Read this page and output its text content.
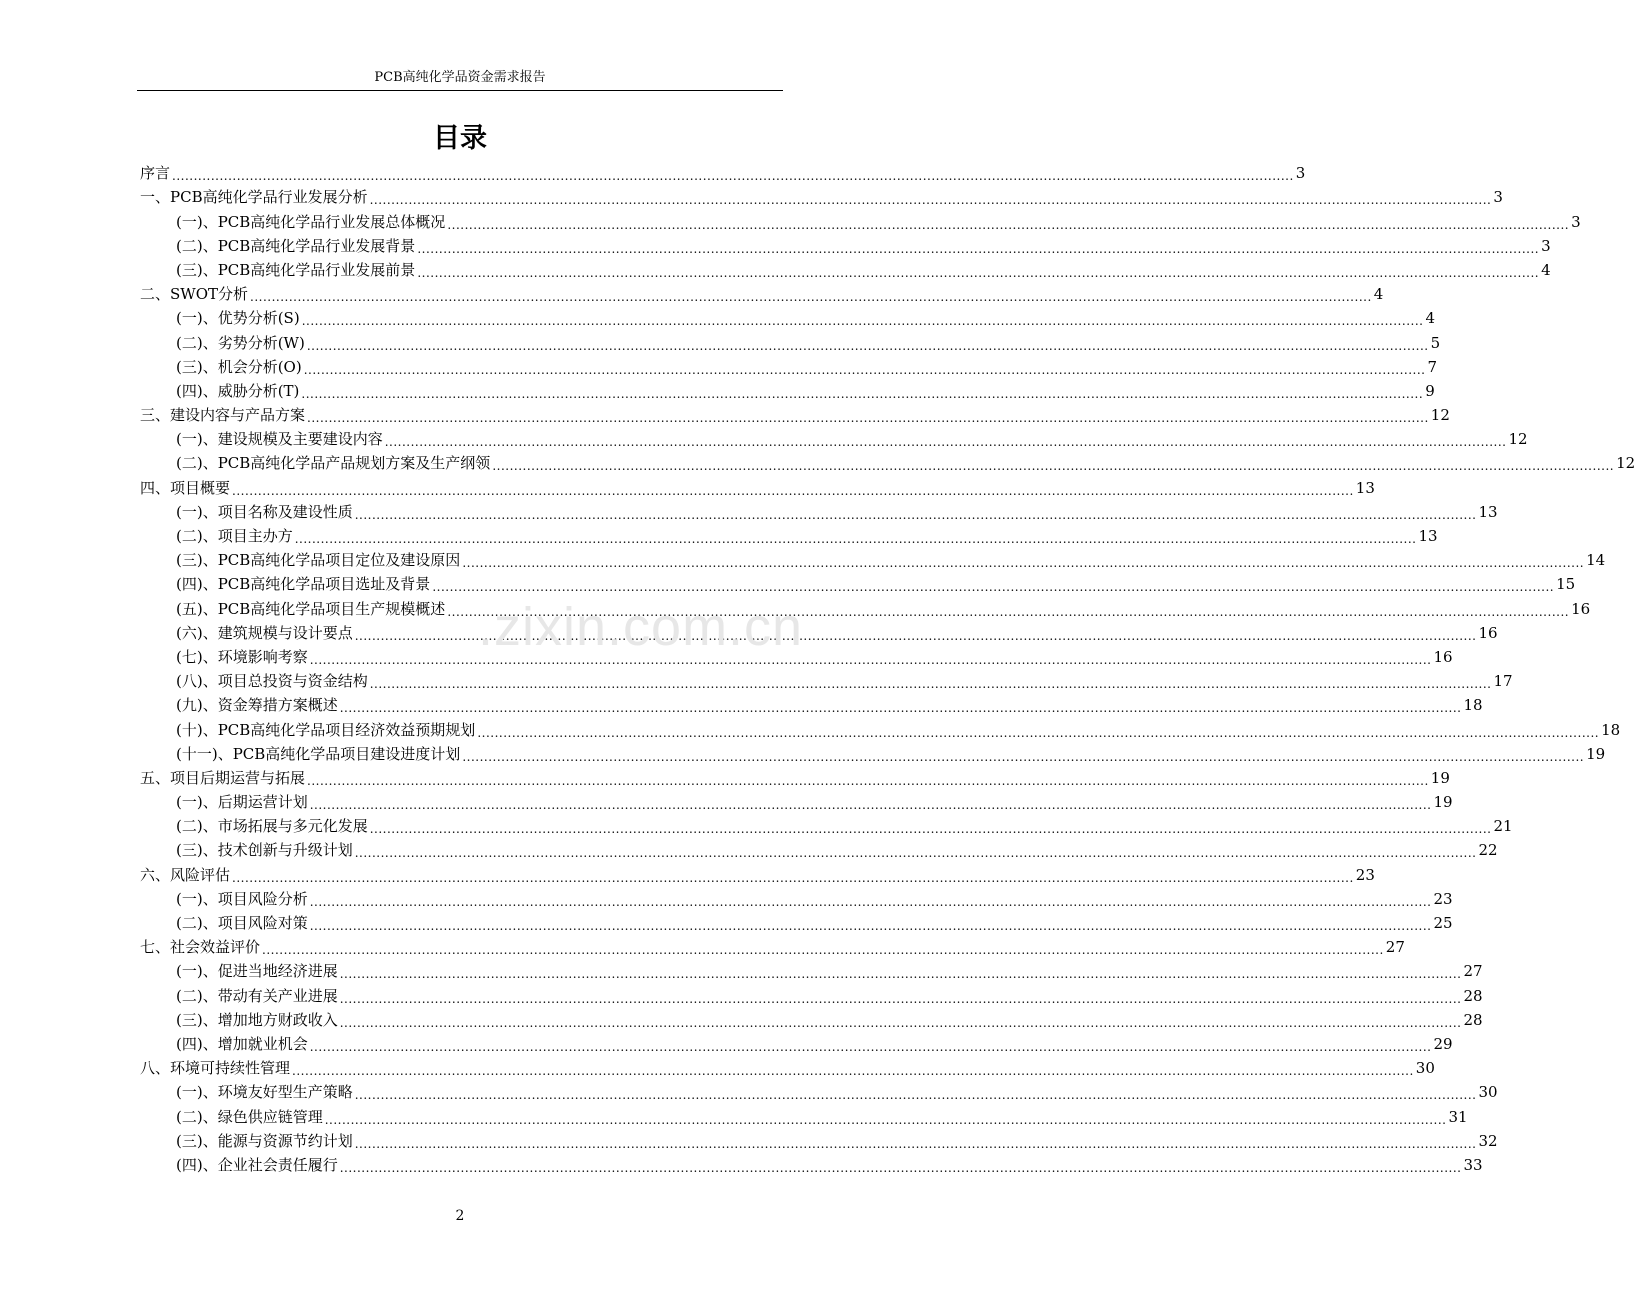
PCB高纯化学品资金需求报告
目录
序言 .................................................................................................................................................................................................................................................................... 3
一、PCB高纯化学品行业发展分析 .................................................................................................................................................................................................................................................................... 3
(一)、PCB高纯化学品行业发展总体概况 .................................................................................................................................................................................................................................................................... 3
(二)、PCB高纯化学品行业发展背景 .................................................................................................................................................................................................................................................................... 3
(三)、PCB高纯化学品行业发展前景 .................................................................................................................................................................................................................................................................... 4
二、SWOT分析 .................................................................................................................................................................................................................................................................... 4
(一)、优势分析(S) .................................................................................................................................................................................................................................................................... 4
(二)、劣势分析(W) .................................................................................................................................................................................................................................................................... 5
(三)、机会分析(O) .................................................................................................................................................................................................................................................................... 7
(四)、威胁分析(T) .................................................................................................................................................................................................................................................................... 9
三、建设内容与产品方案 .................................................................................................................................................................................................................................................................... 12
(一)、建设规模及主要建设内容 .................................................................................................................................................................................................................................................................... 12
(二)、PCB高纯化学品产品规划方案及生产纲领 .................................................................................................................................................................................................................................................................... 12
四、项目概要 .................................................................................................................................................................................................................................................................... 13
(一)、项目名称及建设性质 .................................................................................................................................................................................................................................................................... 13
(二)、项目主办方 .................................................................................................................................................................................................................................................................... 13
(三)、PCB高纯化学品项目定位及建设原因 .................................................................................................................................................................................................................................................................... 14
(四)、PCB高纯化学品项目选址及背景 .................................................................................................................................................................................................................................................................... 15
(五)、PCB高纯化学品项目生产规模概述 .................................................................................................................................................................................................................................................................... 16
(六)、建筑规模与设计要点 .................................................................................................................................................................................................................................................................... 16
(七)、环境影响考察 .................................................................................................................................................................................................................................................................... 16
(八)、项目总投资与资金结构 .................................................................................................................................................................................................................................................................... 17
(九)、资金筹措方案概述 .................................................................................................................................................................................................................................................................... 18
(十)、PCB高纯化学品项目经济效益预期规划 .................................................................................................................................................................................................................................................................... 18
(十一)、PCB高纯化学品项目建设进度计划 .................................................................................................................................................................................................................................................................... 19
五、项目后期运营与拓展 .................................................................................................................................................................................................................................................................... 19
(一)、后期运营计划 .................................................................................................................................................................................................................................................................... 19
(二)、市场拓展与多元化发展 .................................................................................................................................................................................................................................................................... 21
(三)、技术创新与升级计划 .................................................................................................................................................................................................................................................................... 22
六、风险评估 .................................................................................................................................................................................................................................................................... 23
(一)、项目风险分析 .................................................................................................................................................................................................................................................................... 23
(二)、项目风险对策 .................................................................................................................................................................................................................................................................... 25
七、社会效益评价 .................................................................................................................................................................................................................................................................... 27
(一)、促进当地经济进展 .................................................................................................................................................................................................................................................................... 27
(二)、带动有关产业进展 .................................................................................................................................................................................................................................................................... 28
(三)、增加地方财政收入 .................................................................................................................................................................................................................................................................... 28
(四)、增加就业机会 .................................................................................................................................................................................................................................................................... 29
八、环境可持续性管理 .................................................................................................................................................................................................................................................................... 30
(一)、环境友好型生产策略 .................................................................................................................................................................................................................................................................... 30
(二)、绿色供应链管理 .................................................................................................................................................................................................................................................................... 31
(三)、能源与资源节约计划 .................................................................................................................................................................................................................................................................... 32
(四)、企业社会责任履行 .................................................................................................................................................................................................................................................................... 33
.zixin.com.cn
2
